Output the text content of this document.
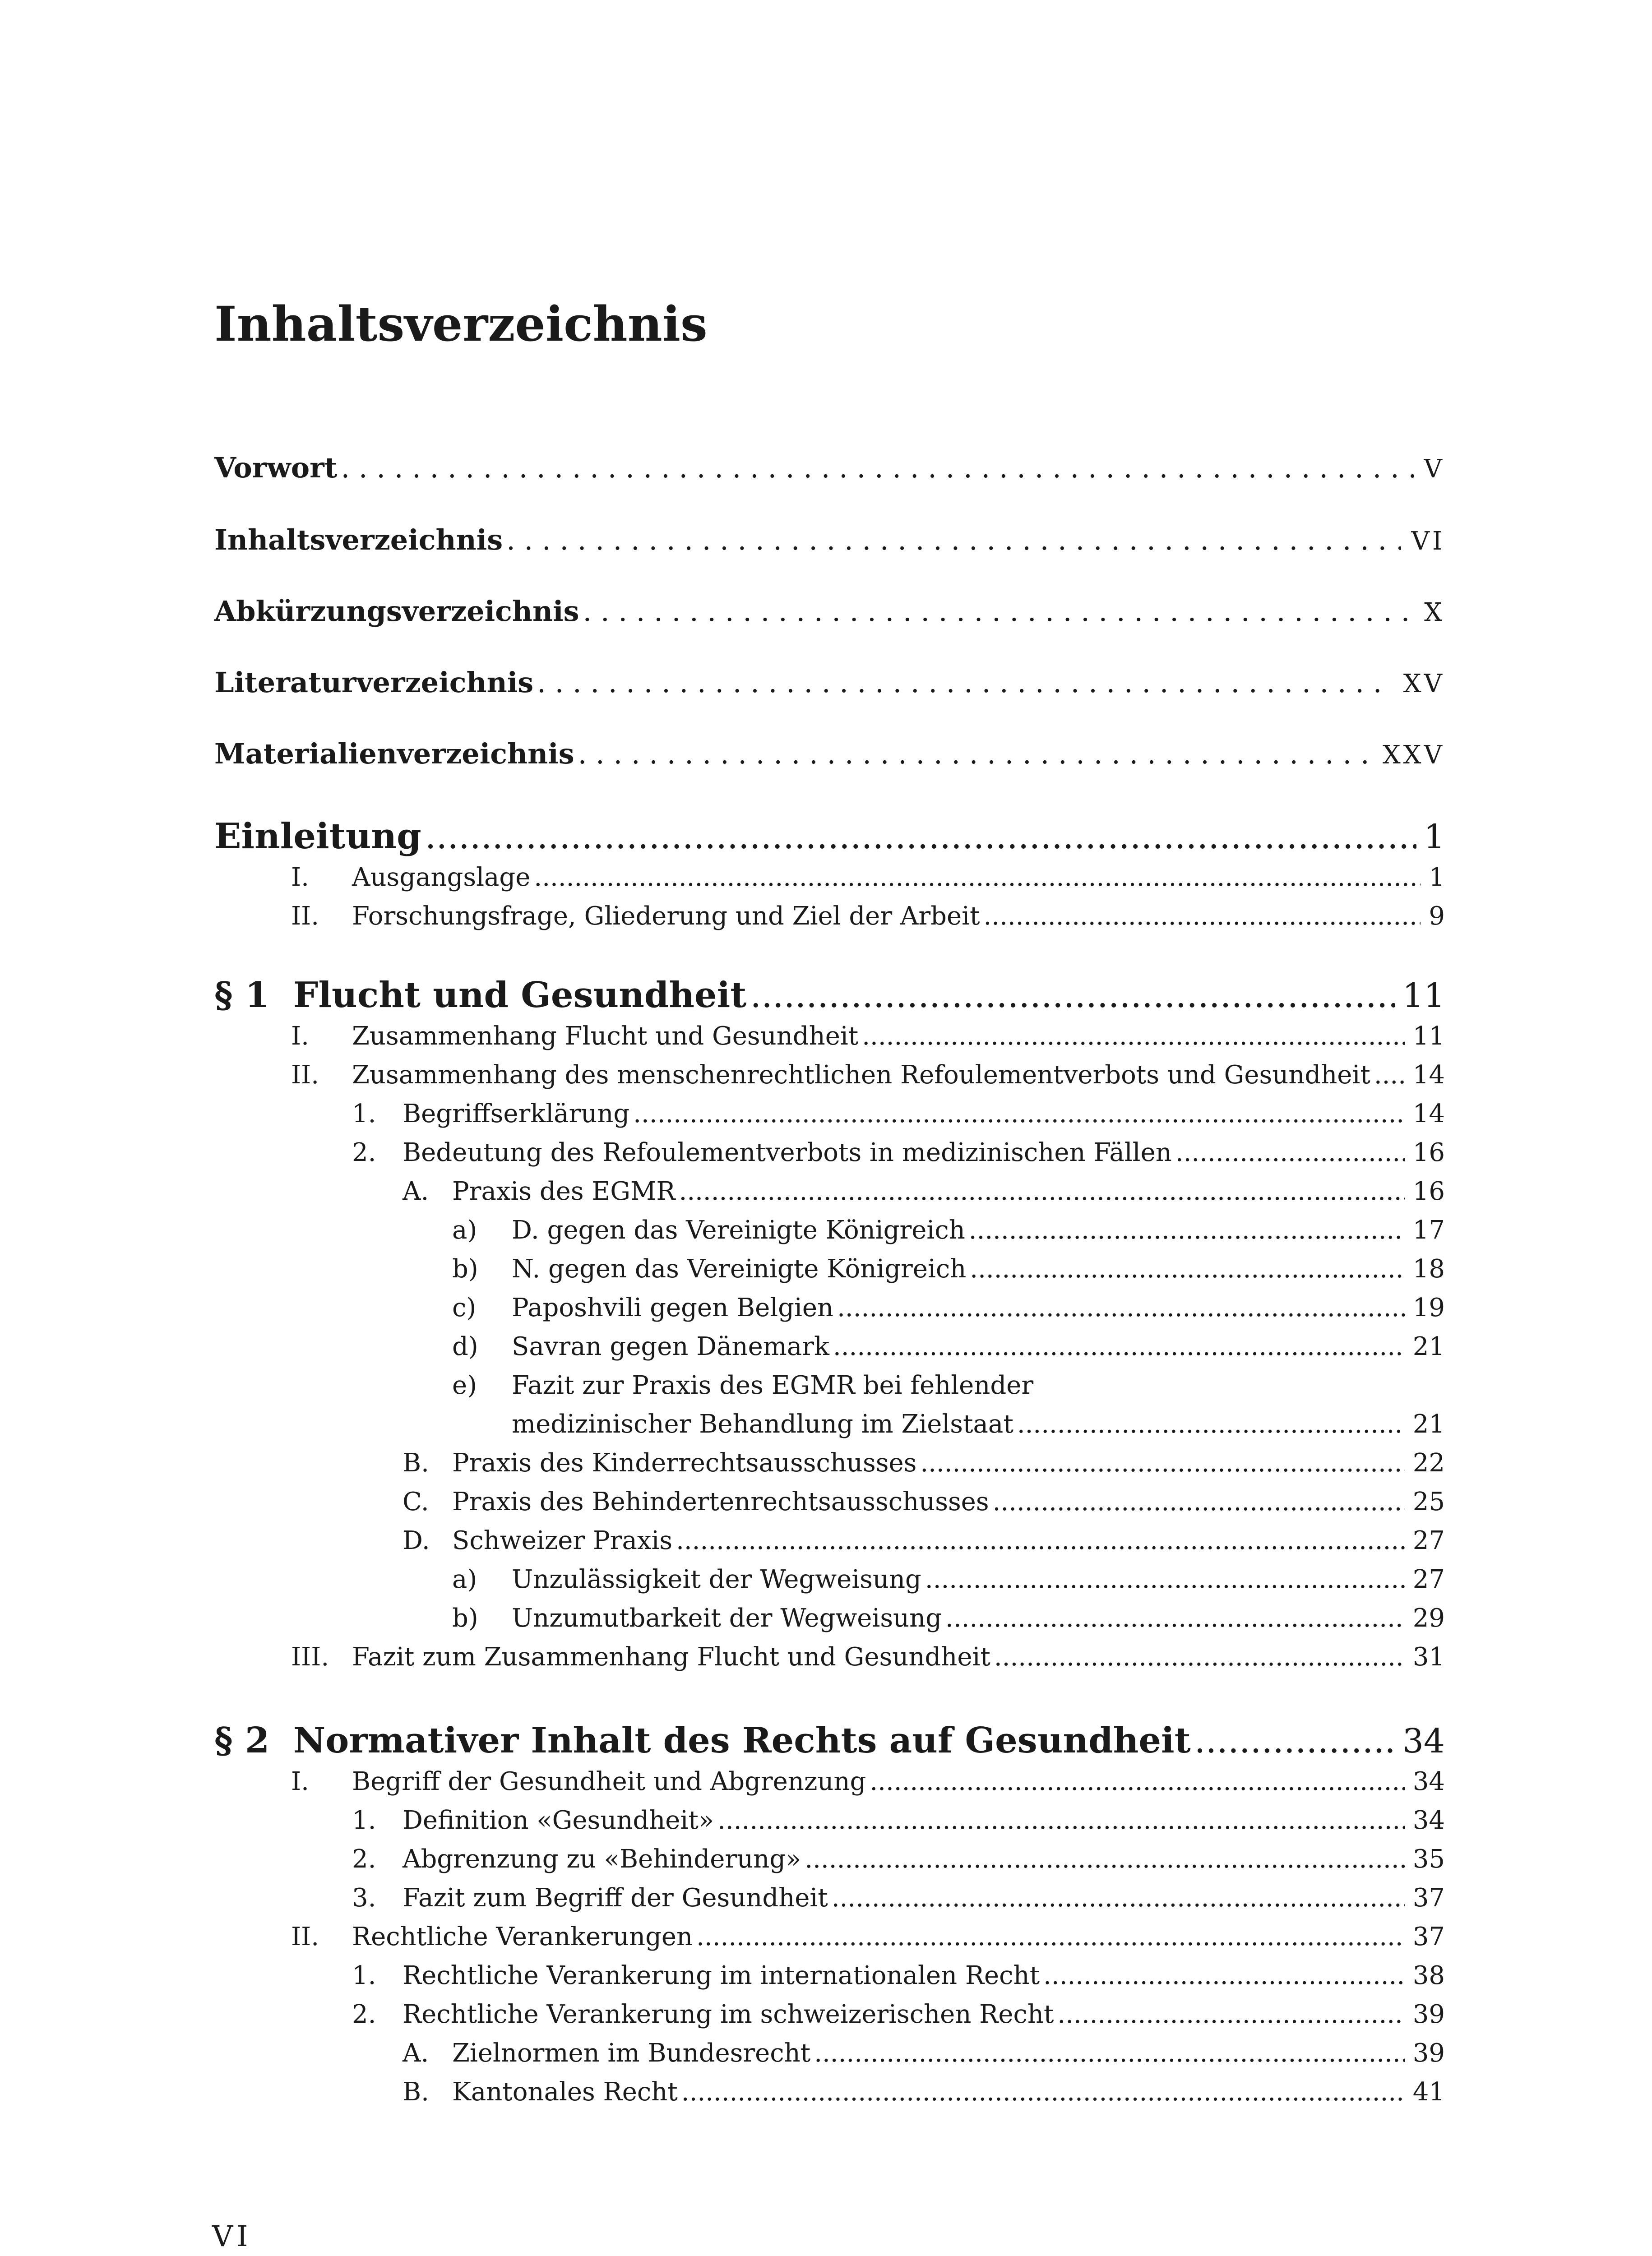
Inhaltsverzeichnis
Vorwort . . .	V
Inhaltsverzeichnis . . .	VI
Abkürzungsverzeichnis . . .	X
Literaturverzeichnis . . .	XV
Materialienverzeichnis . . .	XXV
Einleitung .....	1
I.	Ausgangslage .....	1
II.	Forschungsfrage, Gliederung und Ziel der Arbeit .....	9
§ 1 Flucht und Gesundheit .....	11
I.	Zusammenhang Flucht und Gesundheit .....	11
II.	Zusammenhang des menschenrechtlichen Refoulementverbots und Gesundheit ..... 14
1.	Begriffserklärung .....	14
2.	Bedeutung des Refoulementverbots in medizinischen Fällen .....	16
A. Praxis des EGMR .....	16
a)	D. gegen das Vereinigte Königreich .....	17
b)	N. gegen das Vereinigte Königreich .....	18
c)	Paposhvili gegen Belgien .....	19
d)	Savran gegen Dänemark .....	21
e)	Fazit zur Praxis des EGMR bei fehlender
medizinischer Behandlung im Zielstaat .....	21
B. Praxis des Kinderrechtsausschusses .....	22
C. Praxis des Behindertenrechtsausschusses .....	25
D. Schweizer Praxis .....	27
a)	Unzulässigkeit der Wegweisung .....	27
b)	Unzumutbarkeit der Wegweisung .....	29
III. Fazit zum Zusammenhang Flucht und Gesundheit .....	31
§ 2 Normativer Inhalt des Rechts auf Gesundheit .....	34
I.	Begriff der Gesundheit und Abgrenzung .....	34
1.	Definition «Gesundheit» .....	34
2.	Abgrenzung zu «Behinderung» .....	35
3.	Fazit zum Begriff der Gesundheit .....	37
II.	Rechtliche Verankerungen .....	37
1.	Rechtliche Verankerung im internationalen Recht .....	38
2.	Rechtliche Verankerung im schweizerischen Recht .....	39
A. Zielnormen im Bundesrecht .....	39
B. Kantonales Recht .....	41
VI
